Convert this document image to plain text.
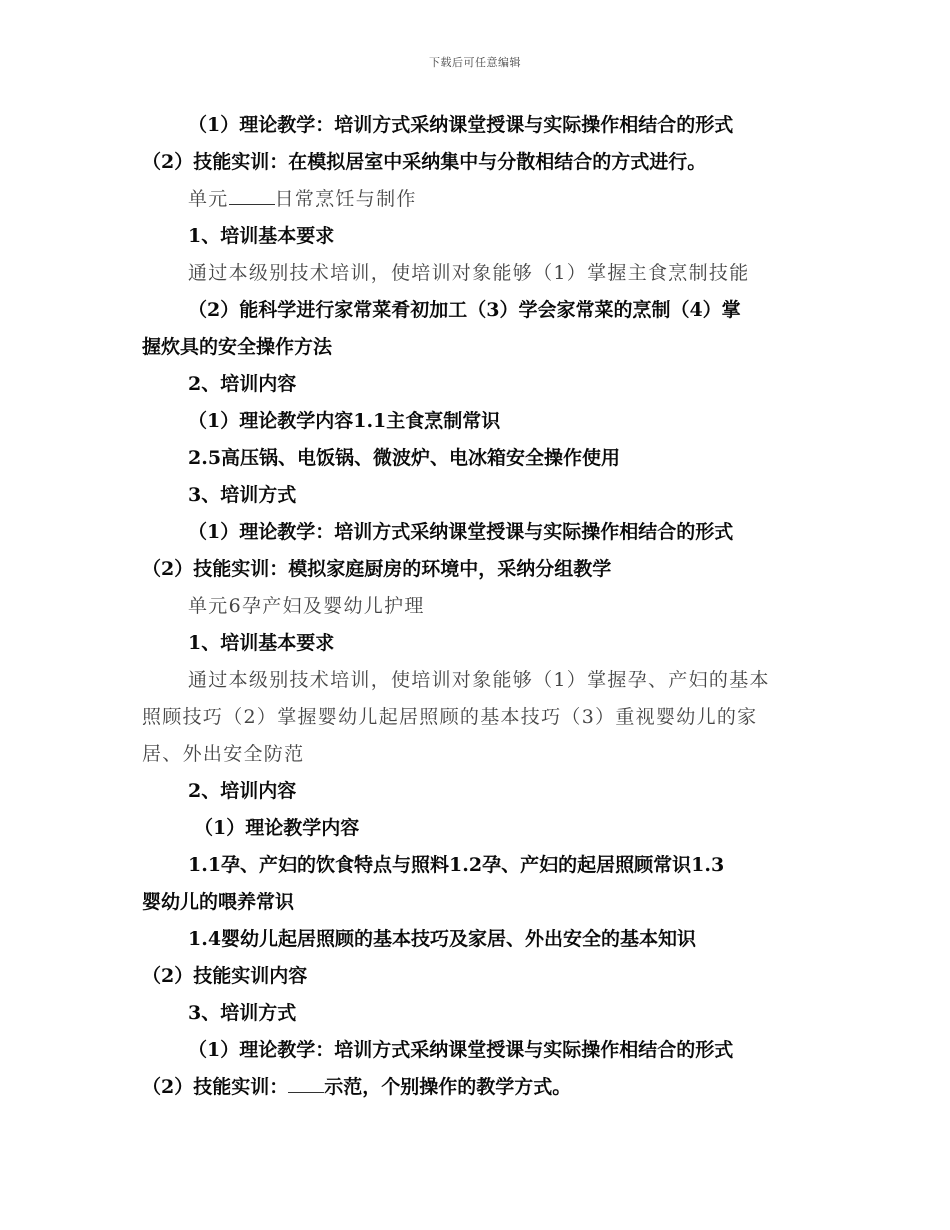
下载后可任意编辑
（1）理论教学：培训方式采纳课堂授课与实际操作相结合的形式
（2）技能实训：在模拟居室中采纳集中与分散相结合的方式进行。
单元 日常烹饪与制作
1、培训基本要求
通过本级别技术培训，使培训对象能够（1）掌握主食烹制技能
（2）能科学进行家常菜肴初加工（3）学会家常菜的烹制（4）掌
握炊具的安全操作方法
2、培训内容
（1）理论教学内容1.1主食烹制常识
2.5高压锅、电饭锅、微波炉、电冰箱安全操作使用
3、培训方式
（1）理论教学：培训方式采纳课堂授课与实际操作相结合的形式
（2）技能实训：模拟家庭厨房的环境中，采纳分组教学
单元6孕产妇及婴幼儿护理
1、培训基本要求
通过本级别技术培训，使培训对象能够（1）掌握孕、产妇的基本
照顾技巧（2）掌握婴幼儿起居照顾的基本技巧（3）重视婴幼儿的家
居、外出安全防范
2、培训内容
（1）理论教学内容
1.1孕、产妇的饮食特点与照料1.2孕、产妇的起居照顾常识1.3
婴幼儿的喂养常识
1.4婴幼儿起居照顾的基本技巧及家居、外出安全的基本知识
（2）技能实训内容
3、培训方式
（1）理论教学：培训方式采纳课堂授课与实际操作相结合的形式
（2）技能实训： 示范，个别操作的教学方式。
